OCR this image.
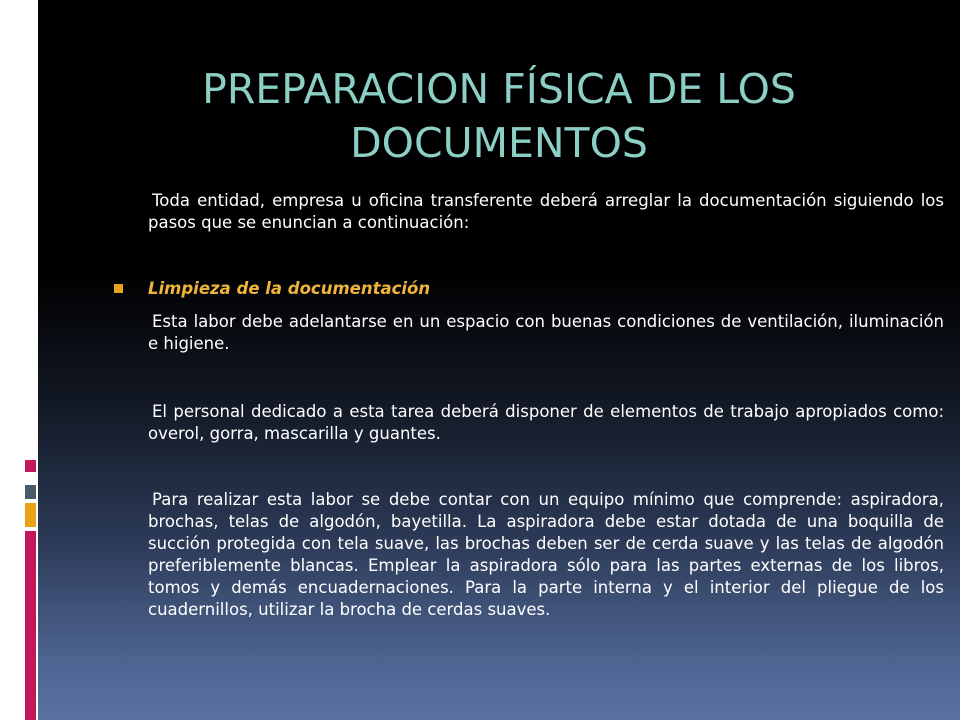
PREPARACION FÍSICA DE LOS
DOCUMENTOS
Toda entidad, empresa u oficina transferente deberá arreglar la documentación siguiendo los pasos que se enuncian a continuación:
Limpieza de la documentación
Esta labor debe adelantarse en un espacio con buenas condiciones de ventilación, iluminación e higiene.
El personal dedicado a esta tarea deberá disponer de elementos de trabajo apropiados como: overol, gorra, mascarilla y guantes.
Para realizar esta labor se debe contar con un equipo mínimo que comprende: aspiradora, brochas, telas de algodón, bayetilla. La aspiradora debe estar dotada de una boquilla de succión protegida con tela suave, las brochas deben ser de cerda suave y las telas de algodón preferiblemente blancas. Emplear la aspiradora sólo para las partes externas de los libros, tomos y demás encuadernaciones. Para la parte interna y el interior del pliegue de los cuadernillos, utilizar la brocha de cerdas suaves.
